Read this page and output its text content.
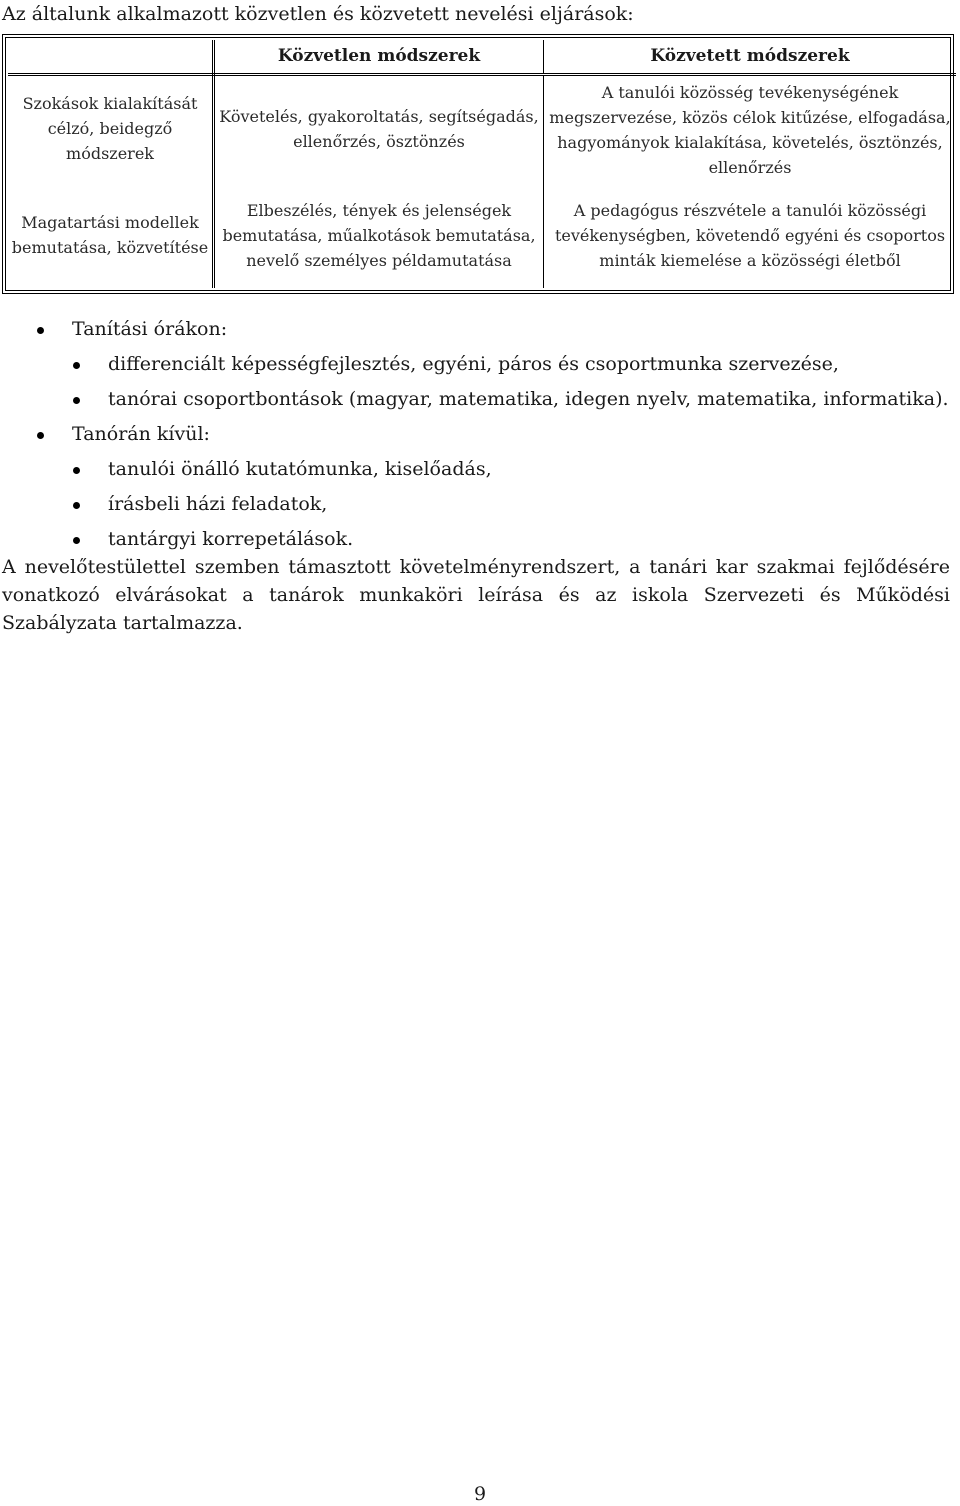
Az általunk alkalmazott közvetlen és közvetett nevelési eljárások:
	Közvetlen módszerek	Közvetett módszerek
Szokások kialakítását célzó, beidegző módszerek	Követelés, gyakoroltatás, segítségadás, ellenőrzés, ösztönzés	A tanulói közösség tevékenységének megszervezése, közös célok kitűzése, elfogadása, hagyományok kialakítása, követelés, ösztönzés, ellenőrzés
Magatartási modellek bemutatása, közvetítése	Elbeszélés, tények és jelenségek bemutatása, műalkotások bemutatása, nevelő személyes példamutatása	A pedagógus részvétele a tanulói közösségi tevékenységben, követendő egyéni és csoportos minták kiemelése a közösségi életből
Tanítási órákon:
differenciált képességfejlesztés, egyéni, páros és csoportmunka szervezése,
tanórai csoportbontások (magyar, matematika, idegen nyelv, matematika, informatika).
Tanórán kívül:
tanulói önálló kutatómunka, kiselőadás,
írásbeli házi feladatok,
tantárgyi korrepetálások.
A nevelőtestülettel szemben támasztott követelményrendszert, a tanári kar szakmai fejlődésére vonatkozó elvárásokat a tanárok munkaköri leírása és az iskola Szervezeti és Működési Szabályzata tartalmazza.
9
